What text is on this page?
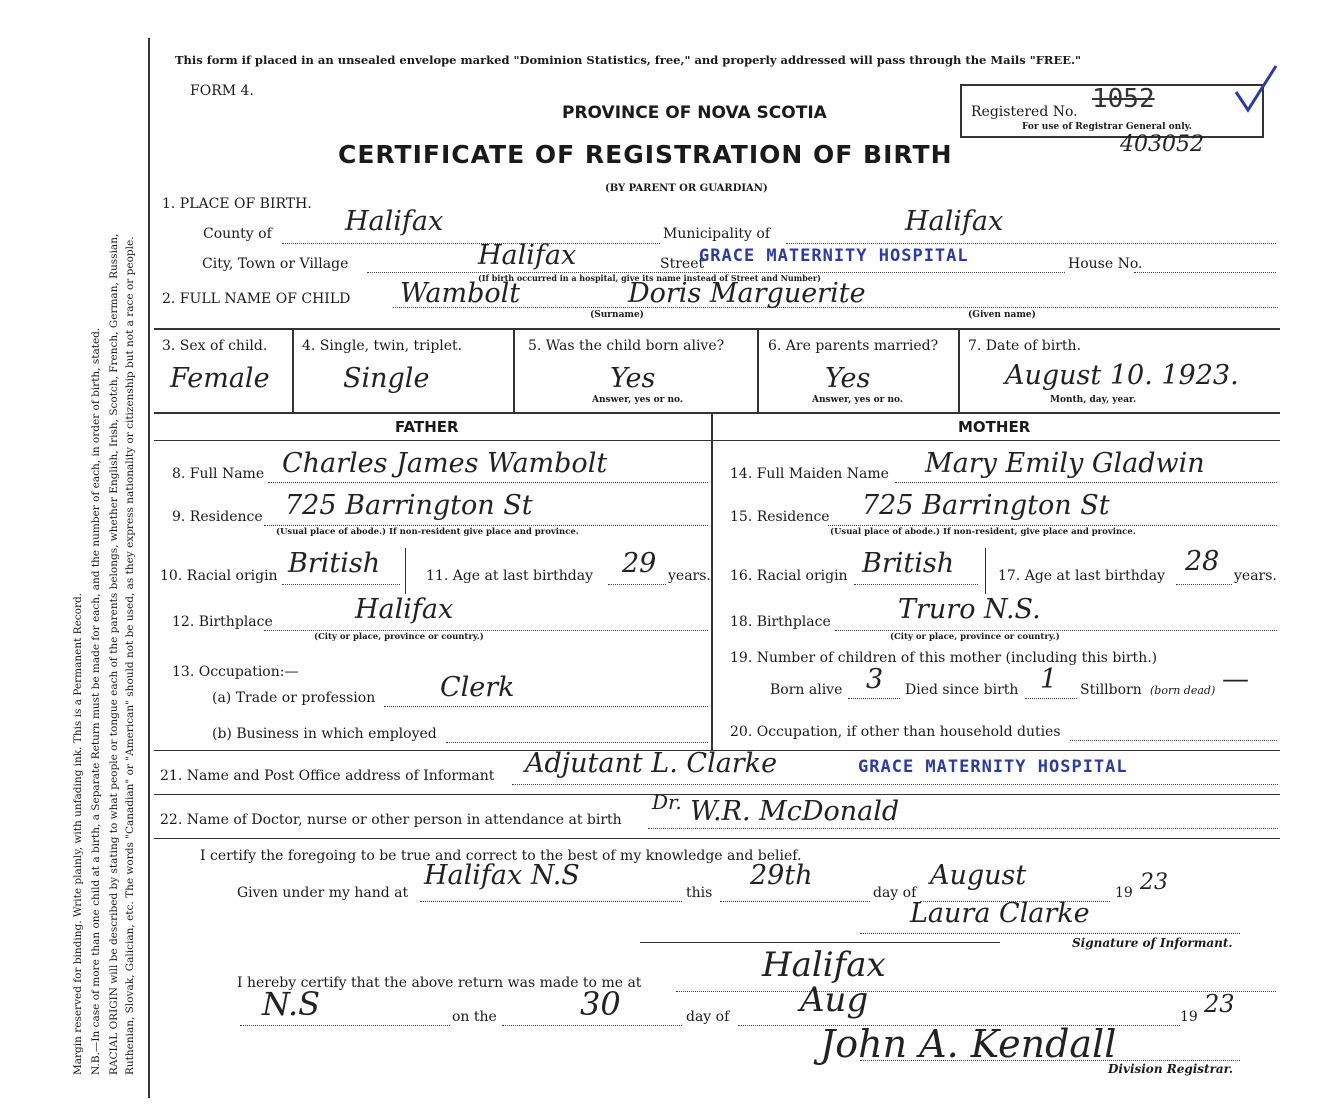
Margin reserved for binding. Write plainly, with unfading ink. This is a Permanent Record. N.B.—In case of more than one child at a birth, a Separate Return must be made for each, and the number of each, in order of birth, stated. RACIAL ORIGIN will be described by stating to what people or tongue each of the parents belongs, whether English, Irish, Scotch, French, German, Russian, Ruthenian, Slovak, Galician, etc. The words "Canadian" or "American" should not be used, as they express nationality or citizenship but not a race or people.
This form if placed in an unsealed envelope marked "Dominion Statistics, free," and properly addressed will pass through the Mails "FREE."
FORM 4.
PROVINCE OF NOVA SCOTIA
CERTIFICATE OF REGISTRATION OF BIRTH
(BY PARENT OR GUARDIAN)
Registered No. 1052
For use of Registrar General only.
403052
1. PLACE OF BIRTH.
County of	Halifax	Municipality of	Halifax
City, Town or Village	Halifax	Street
GRACE MATERNITY HOSPITAL	House No.
(If birth occurred in a hospital, give its name instead of Street and Number)
2. FULL NAME OF CHILD Wambolt	Doris Marguerite
(Surname)	(Given name)
3. Sex of child.
Female
4. Single, twin, triplet.
Single
5. Was the child born alive?
Yes
Answer, yes or no.
6. Are parents married?
Yes
Answer, yes or no.
7. Date of birth.
August 10. 1923.
Month, day, year.
FATHER	MOTHER
8. Full Name Charles James Wambolt
9. Residence 725 Barrington St
(Usual place of abode.) If non-resident give place and province.
10. Racial origin British	11. Age at last birthday 29 years.
12. Birthplace	Halifax
(City or place, province or country.)
13. Occupation:—
(a) Trade or profession Clerk
(b) Business in which employed
14. Full Maiden Name Mary Emily Gladwin
15. Residence 725 Barrington St
(Usual place of abode.) If non-resident, give place and province.
16. Racial origin British	17. Age at last birthday 28 years.
18. Birthplace Truro N.S.
(City or place, province or country.)
19. Number of children of this mother (including this birth.)
Born alive 3 Died since birth 1 Stillborn (born dead) —
20. Occupation, if other than household duties
21. Name and Post Office address of Informant Adjutant L. Clarke	GRACE MATERNITY HOSPITAL
22. Name of Doctor, nurse or other person in attendance at birth
Dr. W.R. McDonald
I certify the foregoing to be true and correct to the best of my knowledge and belief.
Given under my hand at
Halifax N.S
this
29th
day of
August
19 23
Laura Clarke
Signature of Informant.
I hereby certify that the above return was made to me at	Halifax
N.S	on the	30	day of Aug	19 23
John A. Kendall
Division Registrar.
